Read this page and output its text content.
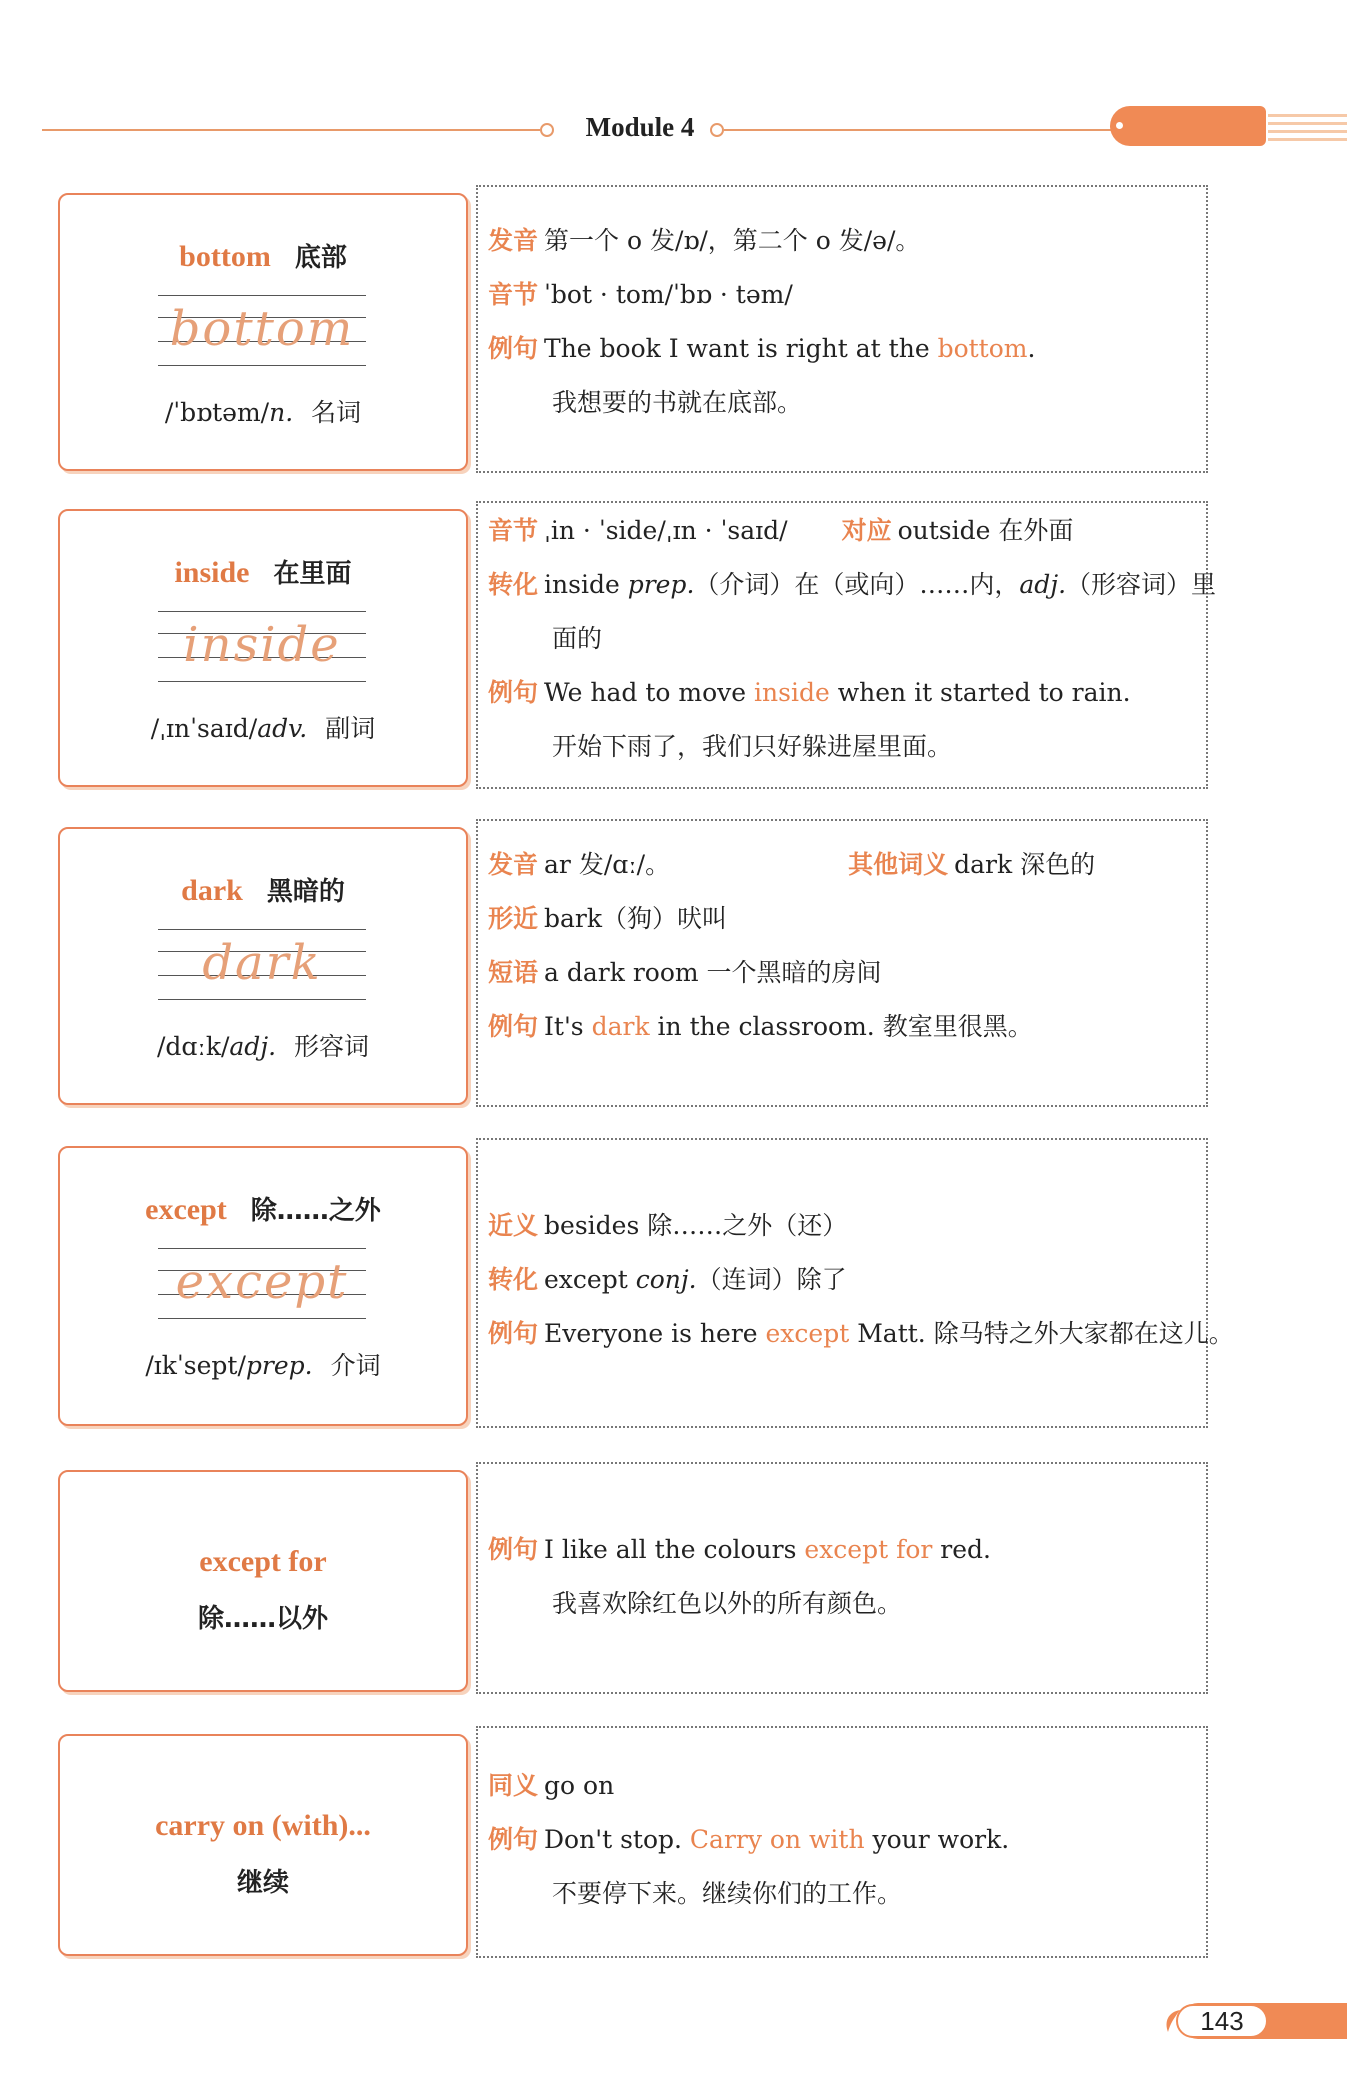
Module 4
bottom 底部
bottom
/ˈbɒtəm/n. 名词
发音 第一个 o 发/ɒ/，第二个 o 发/ə/。
音节 ˈbot · tom/ˈbɒ · təm/
例句 The book I want is right at the bottom.
我想要的书就在底部。
inside 在里面
inside
/ˌɪnˈsaɪd/adv. 副词
音节 ˌin · ˈside/ˌɪn · ˈsaɪd/ 对应 outside 在外面
转化 inside prep.（介词）在（或向）……内，adj.（形容词）里
面的
例句 We had to move inside when it started to rain.
开始下雨了，我们只好躲进屋里面。
dark 黑暗的
dark
/dɑːk/adj. 形容词
发音 ar 发/ɑː/。	其他词义 dark 深色的
形近 bark（狗）吠叫
短语 a dark room 一个黑暗的房间
例句 It's dark in the classroom. 教室里很黑。
except 除……之外
except
/ɪkˈsept/prep. 介词
近义 besides 除……之外（还）
转化 except conj.（连词）除了
例句 Everyone is here except Matt. 除马特之外大家都在这儿。
except for
除……以外
例句 I like all the colours except for red.
我喜欢除红色以外的所有颜色。
carry on (with)...
继续
同义 go on
例句 Don't stop. Carry on with your work.
不要停下来。继续你们的工作。
143
